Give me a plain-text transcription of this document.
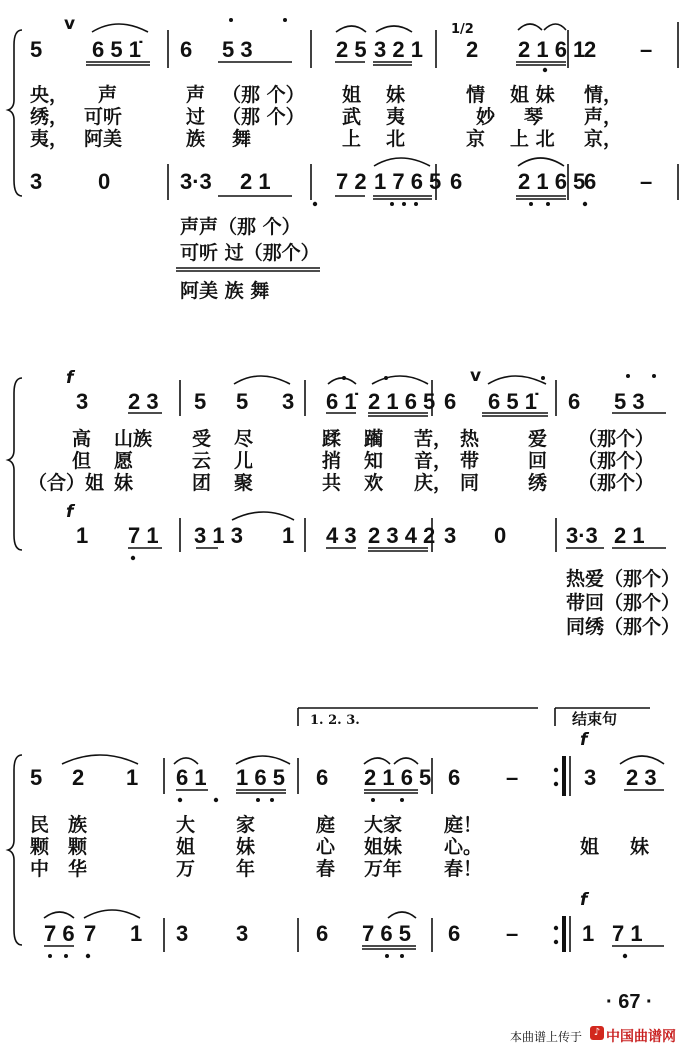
5
v
6 5 1̇ 6 5 3	2 5 3 2 1
1/2
2 2 1 6 1
2 –
央， 声	声 （那 个） 姐 妹	情 姐 妹 情，
绣， 可听	过 （那 个） 武 夷	妙 琴 声，
夷， 阿美	族 舞	上 北	京 上 北 京，
3	0	3·3 2 1	7 2 1 7 6 5 6	2 1 6 5
6 –
声声（那 个）
可听 过（那个）
阿美 族 舞
f
3 2 3 5 5 3 6 1̇ 2 1 6 5 6
v
6 5 1̇ 6 5 3
高 山族 受 尽	蹂 躏 苦， 热	爱 （那个）
但 愿	云 儿	捎 知 音， 带	回 （那个）
（合）姐 妹	团 聚	共 欢 庆， 同	绣 （那个）
f
1 7 1 3 1 3 1 4 3 2 3 4 2 3 0	3·3 2 1
热爱（那个）
带回（那个）
同绣（那个）
1. 2. 3.	结束句
f
5 2 1 6 1 1 6 5 6 2 1 6 5 6 –	3 2 3
民 族	大 家	庭 大家 庭！
颗 颗	姐 妹	心 姐妹 心。
中 华	万 年	春 万年 春！
姐 妹
f
7 6 7 1 3 3	6 7 6 5 6 –	1 7 1
· 67 ·
本曲谱上传于	♪ 中国曲谱网
